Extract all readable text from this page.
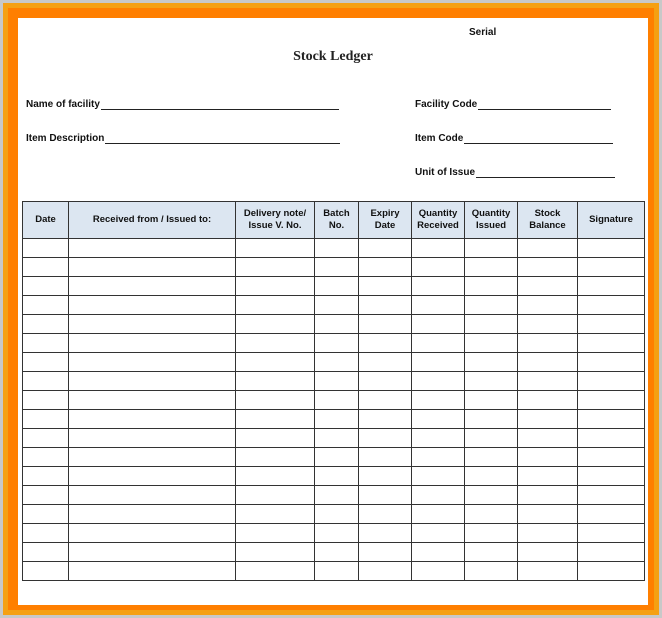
Serial
Stock Ledger
Name of facility	Facility Code
Item Description	Item Code
Unit of Issue
Date	Received from / Issued to:	Delivery note/ Issue V. No.	Batch No.	Expiry Date	Quantity Received	Quantity Issued	Stock Balance	Signature
